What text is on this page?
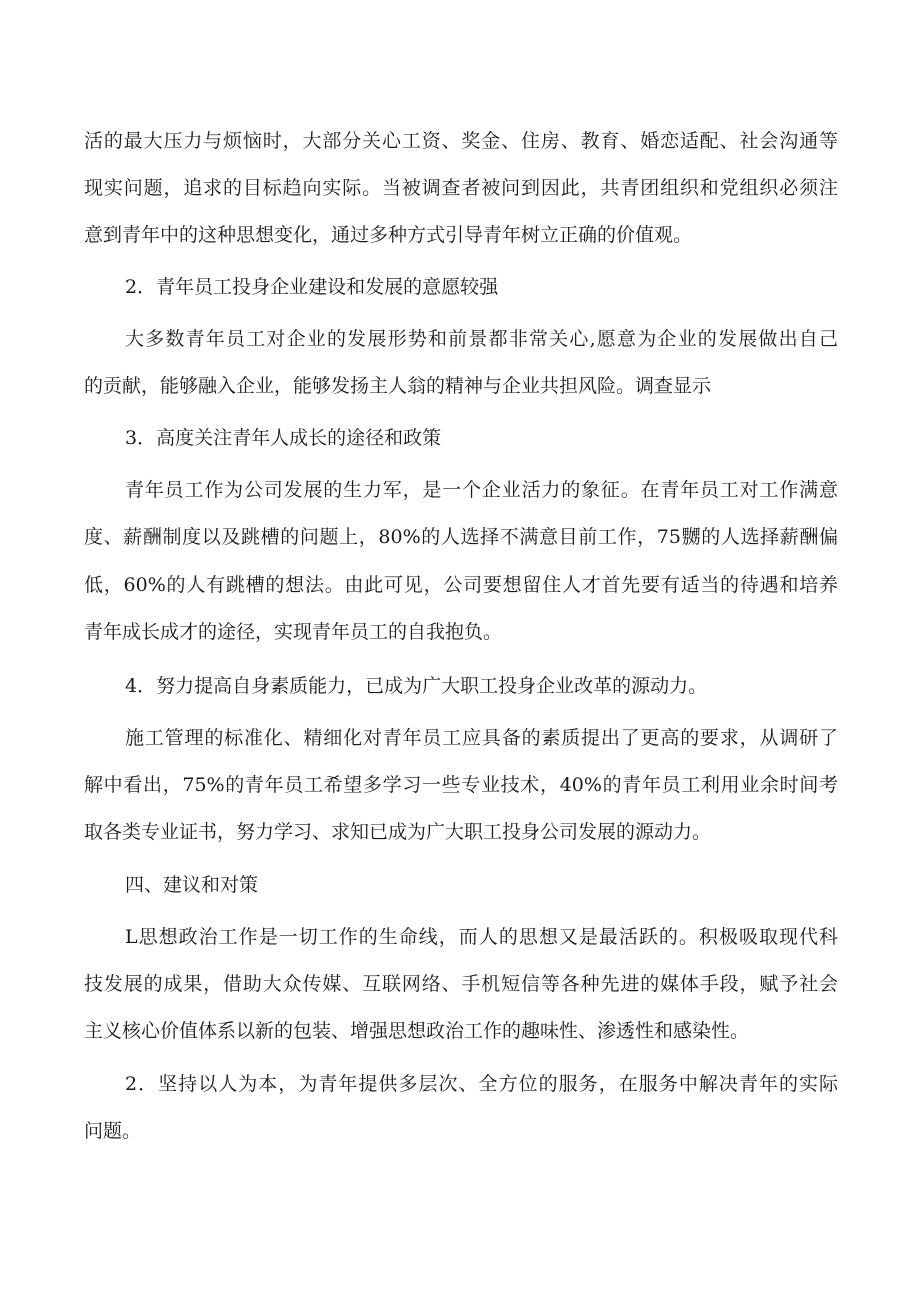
活的最大压力与烦恼时，大部分关心工资、奖金、住房、教育、婚恋适配、社会沟通等

现实问题，追求的目标趋向实际。当被调查者被问到因此，共青团组织和党组织必须注

意到青年中的这种思想变化，通过多种方式引导青年树立正确的价值观。

2．青年员工投身企业建设和发展的意愿较强

大多数青年员工对企业的发展形势和前景都非常关心,愿意为企业的发展做出自己

的贡献，能够融入企业，能够发扬主人翁的精神与企业共担风险。调查显示

3．高度关注青年人成长的途径和政策

青年员工作为公司发展的生力军，是一个企业活力的象征。在青年员工对工作满意

度、薪酬制度以及跳槽的问题上，80%的人选择不满意目前工作，75嬲的人选择薪酬偏

低，60%的人有跳槽的想法。由此可见，公司要想留住人才首先要有适当的待遇和培养

青年成长成才的途径，实现青年员工的自我抱负。

4．努力提高自身素质能力，已成为广大职工投身企业改革的源动力。

施工管理的标准化、精细化对青年员工应具备的素质提出了更高的要求，从调研了

解中看出，75%的青年员工希望多学习一些专业技术，40%的青年员工利用业余时间考

取各类专业证书，努力学习、求知已成为广大职工投身公司发展的源动力。

四、建议和对策

L思想政治工作是一切工作的生命线，而人的思想又是最活跃的。积极吸取现代科

技发展的成果，借助大众传媒、互联网络、手机短信等各种先进的媒体手段，赋予社会

主义核心价值体系以新的包装、增强思想政治工作的趣味性、渗透性和感染性。

2．坚持以人为本，为青年提供多层次、全方位的服务，在服务中解决青年的实际

问题。
